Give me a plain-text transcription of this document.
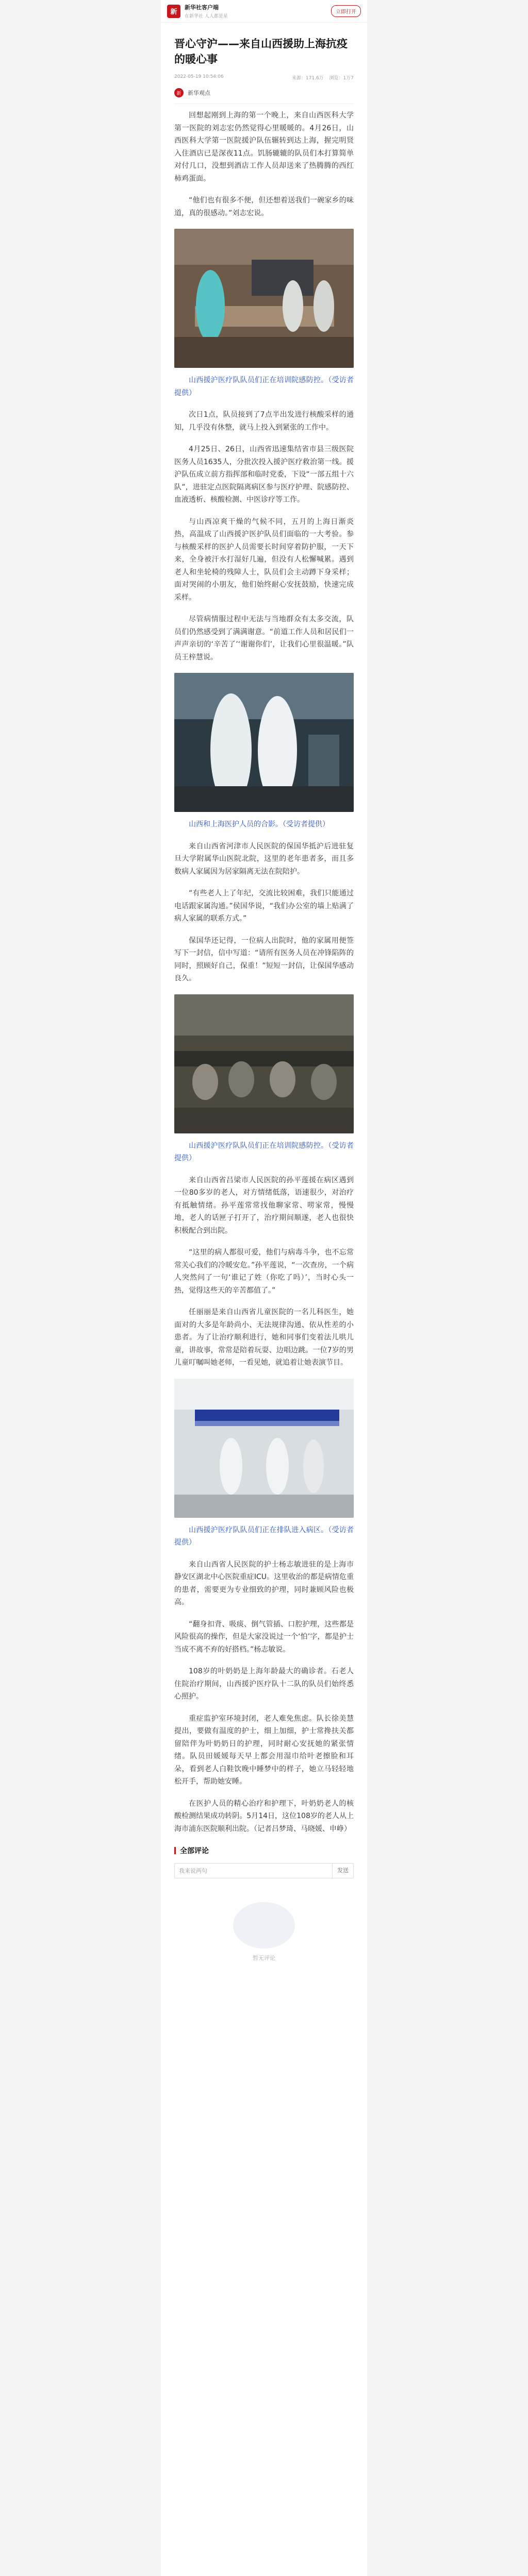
新
新华社客户端
在新华社 人人都是星
立即打开
晋心守沪——来自山西援助上海抗疫的暖心事
2022-05-19 10:54:06	来源：171.6万 浏览：1万7
新	新华观点

回想起刚到上海的第一个晚上，来自山西医科大学第一医院的刘志宏仍然觉得心里暖暖的。4月26日，山西医科大学第一医院援沪队伍辗转到达上海，握完明贤入住酒店已是深夜11点。饥肠辘辘的队员们本打算简单对付几口，没想到酒店工作人员却送来了热腾腾的西红柿鸡蛋面。

“他们也有很多不便，但还想着送我们一碗家乡的味道，真的很感动。”刘志宏说。

山西援沪医疗队队员们正在培训院感防控。（受访者提供）

次日1点，队员接到了7点半出发进行核酸采样的通知，几乎没有休整，就马上投入到紧张的工作中。

4月25日、26日，山西省迅速集结省市县三级医院医务人员1635人，分批次投入援沪医疗救治第一线。援沪队伍成立前方指挥部和临时党委，下设“一部五组十六队”，进驻定点医院隔离病区参与医疗护理、院感防控、血液透析、核酸检测、中医诊疗等工作。

与山西凉爽干燥的气候不同，五月的上海日渐炎热，高温成了山西援沪医护队员们面临的一大考验。参与核酸采样的医护人员需要长时间穿着防护服，一天下来，全身被汗水打湿好几遍，但没有人松懈喊累。遇到老人和坐轮椅的残障人士，队员们会主动蹲下身采样；面对哭闹的小朋友，他们始终耐心安抚鼓励，快速完成采样。

尽管病情服过程中无法与当地群众有太多交流，队员们仍然感受到了满满谢意。“前道工作人员和居民们一声声亲切的‘辛苦了’‘谢谢你们’，让我们心里很温暖。”队员王梓慧说。

山西和上海医护人员的合影。（受访者提供）

来自山西省河津市人民医院的保国华抵沪后进驻复旦大学附属华山医院北院，这里的老年患者多，而且多数病人家属因为居家隔离无法在院陪护。

“有些老人上了年纪，交流比较困难，我们只能通过电话跟家属沟通。”侯国华说，“我们办公室的墙上贴满了病人家属的联系方式。”

保国华还记得，一位病人出院时，他的家属用便签写下一封信，信中写道：“请所有医务人员在冲锋陷阵的同时，照顾好自己，保重！”短短一封信，让保国华感动良久。

山西援沪医疗队队员们正在培训院感防控。（受访者提供）

来自山西省吕梁市人民医院的孙平莲援在病区遇到一位80多岁的老人，对方情绪低落，语速很少，对治疗有抵触情绪。孙平莲常常找他聊家常、唠家常，慢慢地，老人的话匣子打开了，治疗期间顺遂，老人也很快积极配合到出院。

“这里的病人都很可爱，他们与病毒斗争，也不忘常常关心我们的冷暖安危。”孙平莲说，“一次查房，一个病人突然问了一句‘谁记了姓（你吃了吗）’，当时心头一热，觉得这些天的辛苦都值了。”

任丽丽是来自山西省儿童医院的一名儿科医生，她面对的大多是年龄尚小、无法规律沟通、依从性差的小患者。为了让治疗顺利进行，她和同事们变着法儿哄儿童，讲故事，常常是陪着玩耍、边唱边跳。一位7岁的男儿童叮嘱叫她老师，一看见她，就追着让她表演节目。

山西援沪医疗队队员们正在排队进入病区。（受访者提供）

来自山西省人民医院的护士杨志敏进驻的是上海市静安区湖北中心医院重症ICU。这里收治的都是病情危重的患者，需要更为专业细致的护理，同时兼顾风险也极高。

“翻身扣背、吸痰、倒气管插、口腔护理，这些都是风险很高的操作，但是大家没说过一个‘怕’字，都是护士当成不离不弃的好搭档。”杨志敏说。

108岁的叶奶奶是上海年龄最大的确诊者。石老人住院治疗期间，山西援沪医疗队十二队的队员们始终悉心照护。

重症监护室环境封闭，老人难免焦虑。队长徐美慧提出，要做有温度的护士，细上加细，护士常搀扶关都留陪伴为叶奶奶日的护理，同时耐心安抚她的紧张情绪。队员田媛媛每天早上都会用湿巾给叶老擦脸和耳朵，看到老人白鞋饮晚中睡梦中的样子，她立马轻轻地松开手，帮助她安睡。

在医护人员的精心治疗和护理下，叶奶奶老人的核酸检测结果成功转阴。5月14日，这位108岁的老人从上海市浦东医院顺利出院。（记者吕梦琦、马晓媛、申峥）

全部评论
我来说两句	发送
暂无评论
